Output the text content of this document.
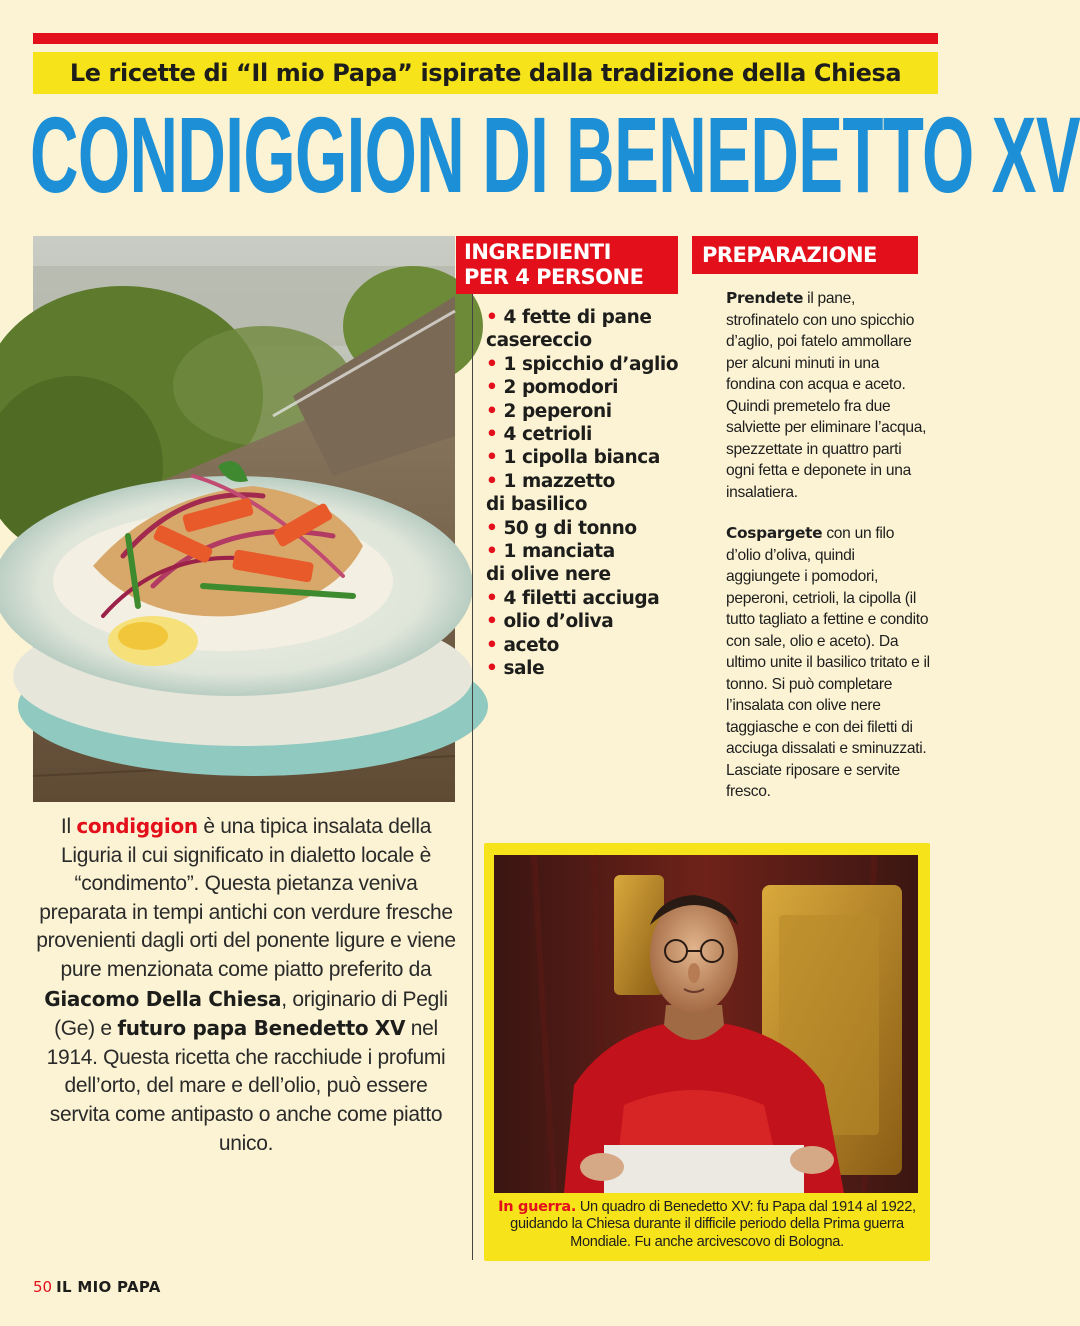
Le ricette di “Il mio Papa” ispirate dalla tradizione della Chiesa
CONDIGGION DI BENEDETTO XV
INGREDIENTI
PER 4 PERSONE
• 4 fette di pane
casereccio
• 1 spicchio d’aglio
• 2 pomodori
• 2 peperoni
• 4 cetrioli
• 1 cipolla bianca
• 1 mazzetto
di basilico
• 50 g di tonno
• 1 manciata
di olive nere
• 4 filetti acciuga
• olio d’oliva
• aceto
• sale
PREPARAZIONE

Prendete il pane, strofinatelo con uno spicchio d’aglio, poi fatelo ammollare per alcuni minuti in una fondina con acqua e aceto. Quindi premetelo fra due salviette per eliminare l’acqua, spezzettate in quattro parti ogni fetta e deponete in una insalatiera.

Cospargete con un filo d’olio d’oliva, quindi aggiungete i pomodori, peperoni, cetrioli, la cipolla (il tutto tagliato a fettine e condito con sale, olio e aceto). Da ultimo unite il basilico tritato e il tonno. Si può completare l’insalata con olive nere taggiasche e con dei filetti di acciuga dissalati e sminuzzati. Lasciate riposare e servite fresco.

Il condiggion è una tipica insalata della Liguria il cui significato in dialetto locale è “condimento”. Questa pietanza veniva preparata in tempi antichi con verdure fresche provenienti dagli orti del ponente ligure e viene pure menzionata come piatto preferito da Giacomo Della Chiesa, originario di Pegli (Ge) e futuro papa Benedetto XV nel 1914. Questa ricetta che racchiude i profumi dell’orto, del mare e dell’olio, può essere servita come antipasto o anche come piatto unico.

In guerra. Un quadro di Benedetto XV: fu Papa dal 1914 al 1922, guidando la Chiesa durante il difficile periodo della Prima guerra Mondiale. Fu anche arcivescovo di Bologna.
50 IL MIO PAPA
